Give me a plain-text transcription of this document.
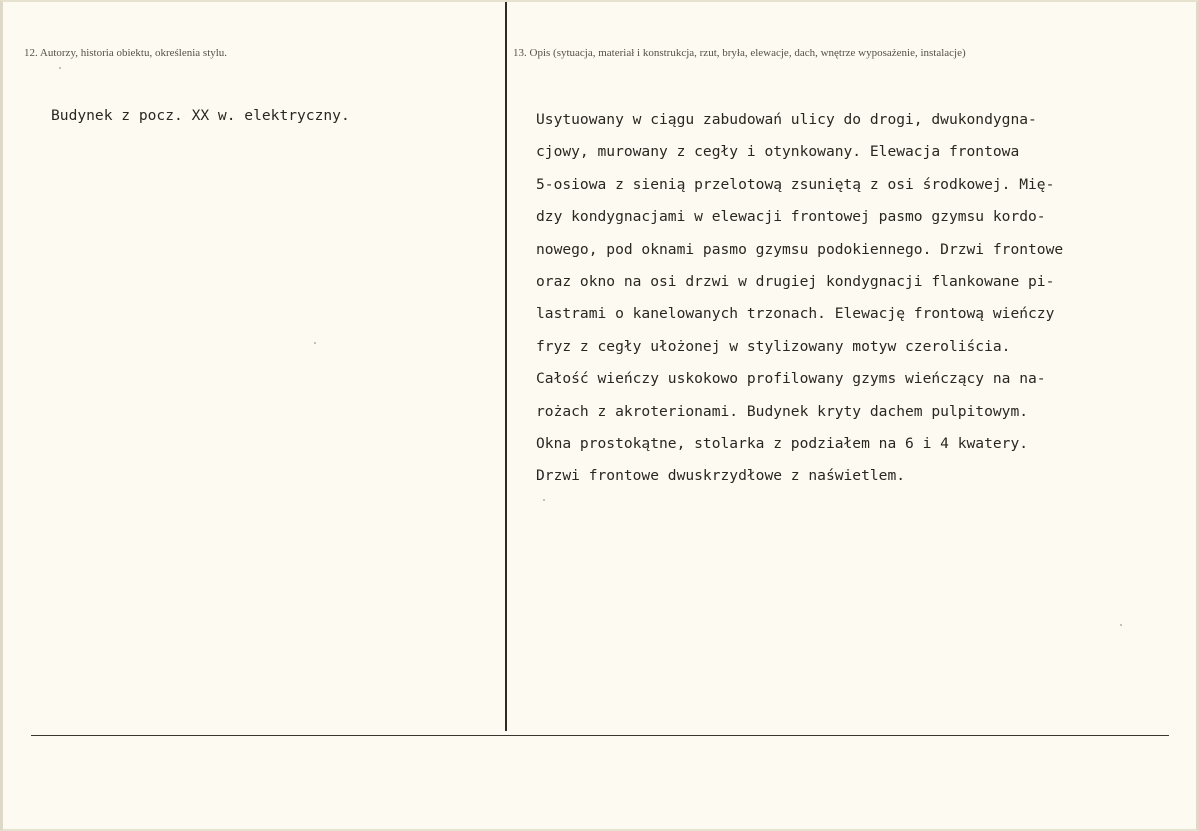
12. Autorzy, historia obiektu, określenia stylu.	13. Opis (sytuacja, materiał i konstrukcja, rzut, bryła, elewacje, dach, wnętrze wyposażenie, instalacje)
Budynek z pocz. XX w. elektryczny.	Usytuowany w ciągu zabudowań ulicy do drogi, dwukondygna-
cjowy, murowany z cegły i otynkowany. Elewacja frontowa
5-osiowa z sienią przelotową zsuniętą z osi środkowej. Mię-
dzy kondygnacjami w elewacji frontowej pasmo gzymsu kordo-
nowego, pod oknami pasmo gzymsu podokiennego. Drzwi frontowe
oraz okno na osi drzwi w drugiej kondygnacji flankowane pi-
lastrami o kanelowanych trzonach. Elewację frontową wieńczy
fryz z cegły ułożonej w stylizowany motyw czeroliścia.
Całość wieńczy uskokowo profilowany gzyms wieńczący na na-
rożach z akroterionami. Budynek kryty dachem pulpitowym.
Okna prostokątne, stolarka z podziałem na 6 i 4 kwatery.
Drzwi frontowe dwuskrzydłowe z naświetlem.
